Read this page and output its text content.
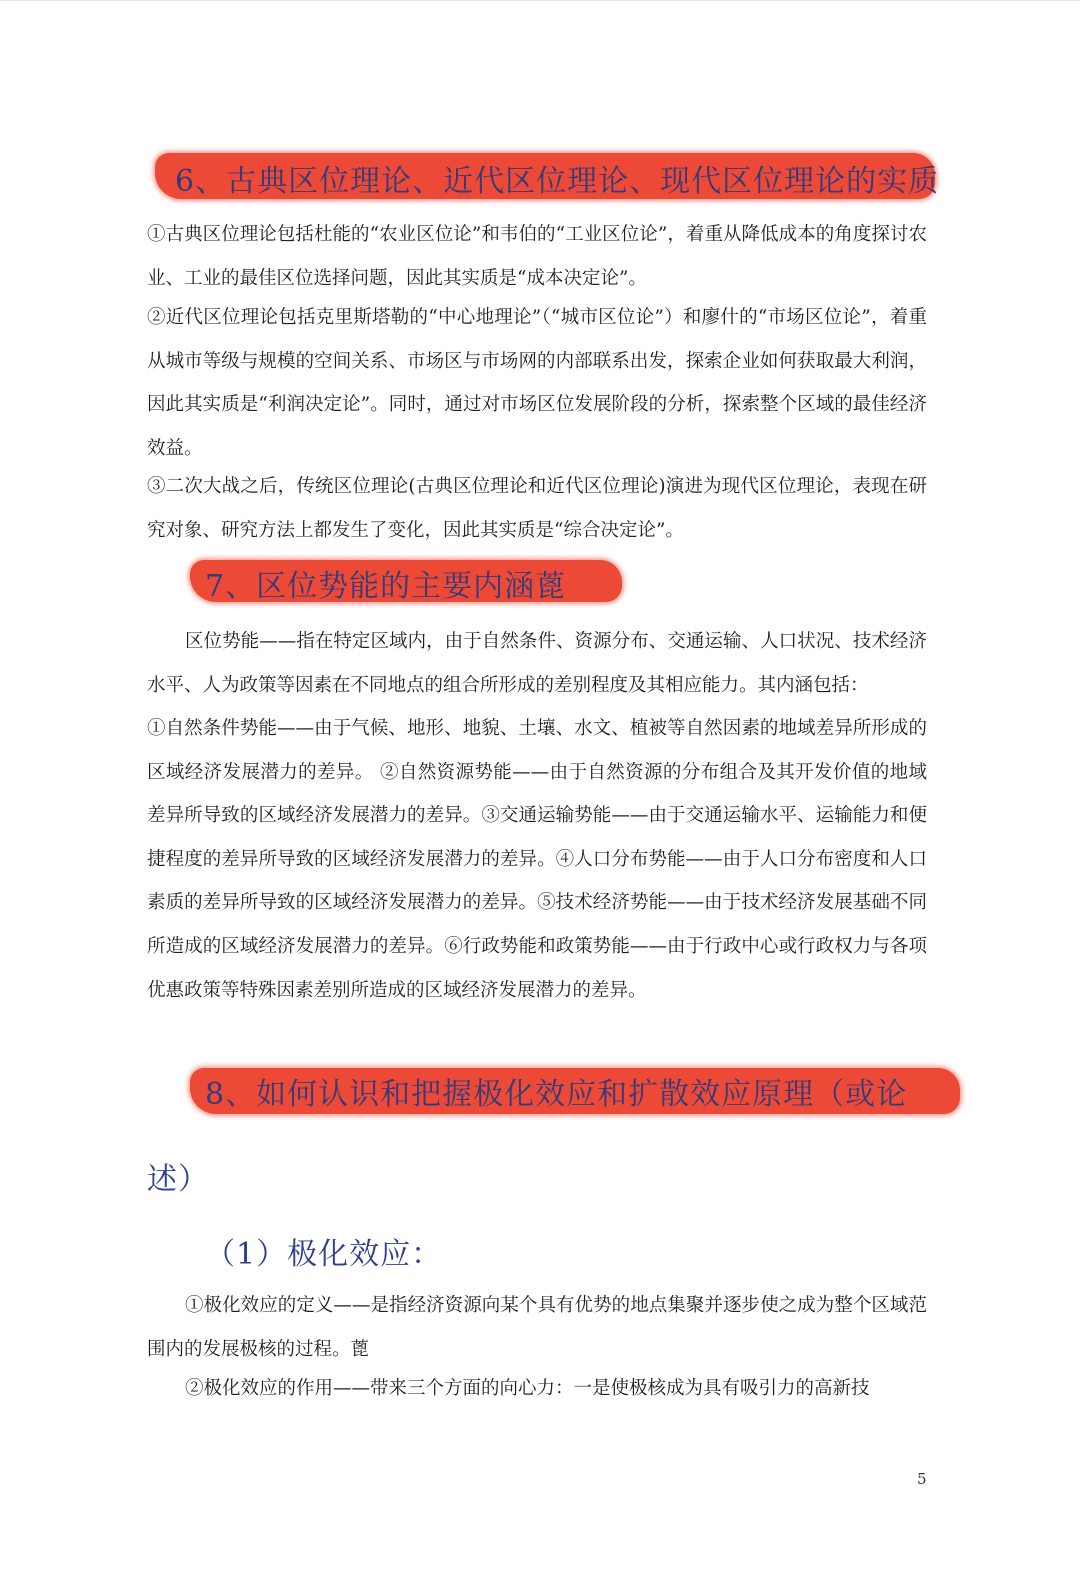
6、古典区位理论、近代区位理论、现代区位理论的实质

①古典区位理论包括杜能的“农业区位论”和韦伯的“工业区位论”，着重从降低成本的角度探讨农业、工业的最佳区位选择问题，因此其实质是“成本决定论”。

②近代区位理论包括克里斯塔勒的“中心地理论”（“城市区位论”）和廖什的“市场区位论”，着重从城市等级与规模的空间关系、市场区与市场网的内部联系出发，探索企业如何获取最大利润，因此其实质是“利润决定论”。同时，通过对市场区位发展阶段的分析，探索整个区域的最佳经济效益。

③二次大战之后，传统区位理论(古典区位理论和近代区位理论)演进为现代区位理论，表现在研究对象、研究方法上都发生了变化，因此其实质是“综合决定论”。

7、区位势能的主要内涵蓖

区位势能——指在特定区域内，由于自然条件、资源分布、交通运输、人口状况、技术经济水平、人为政策等因素在不同地点的组合所形成的差别程度及其相应能力。其内涵包括：

①自然条件势能——由于气候、地形、地貌、土壤、水文、植被等自然因素的地域差异所形成的区域经济发展潜力的差异。 ②自然资源势能——由于自然资源的分布组合及其开发价值的地域差异所导致的区域经济发展潜力的差异。③交通运输势能——由于交通运输水平、运输能力和便捷程度的差异所导致的区域经济发展潜力的差异。④人口分布势能——由于人口分布密度和人口素质的差异所导致的区域经济发展潜力的差异。⑤技术经济势能——由于技术经济发展基础不同所造成的区域经济发展潜力的差异。⑥行政势能和政策势能——由于行政中心或行政权力与各项优惠政策等特殊因素差别所造成的区域经济发展潜力的差异。

8、如何认识和把握极化效应和扩散效应原理（或论
述）
（1）极化效应：

①极化效应的定义——是指经济资源向某个具有优势的地点集聚并逐步使之成为整个区域范围内的发展极核的过程。蓖

②极化效应的作用——带来三个方面的向心力：一是使极核成为具有吸引力的高新技

5
